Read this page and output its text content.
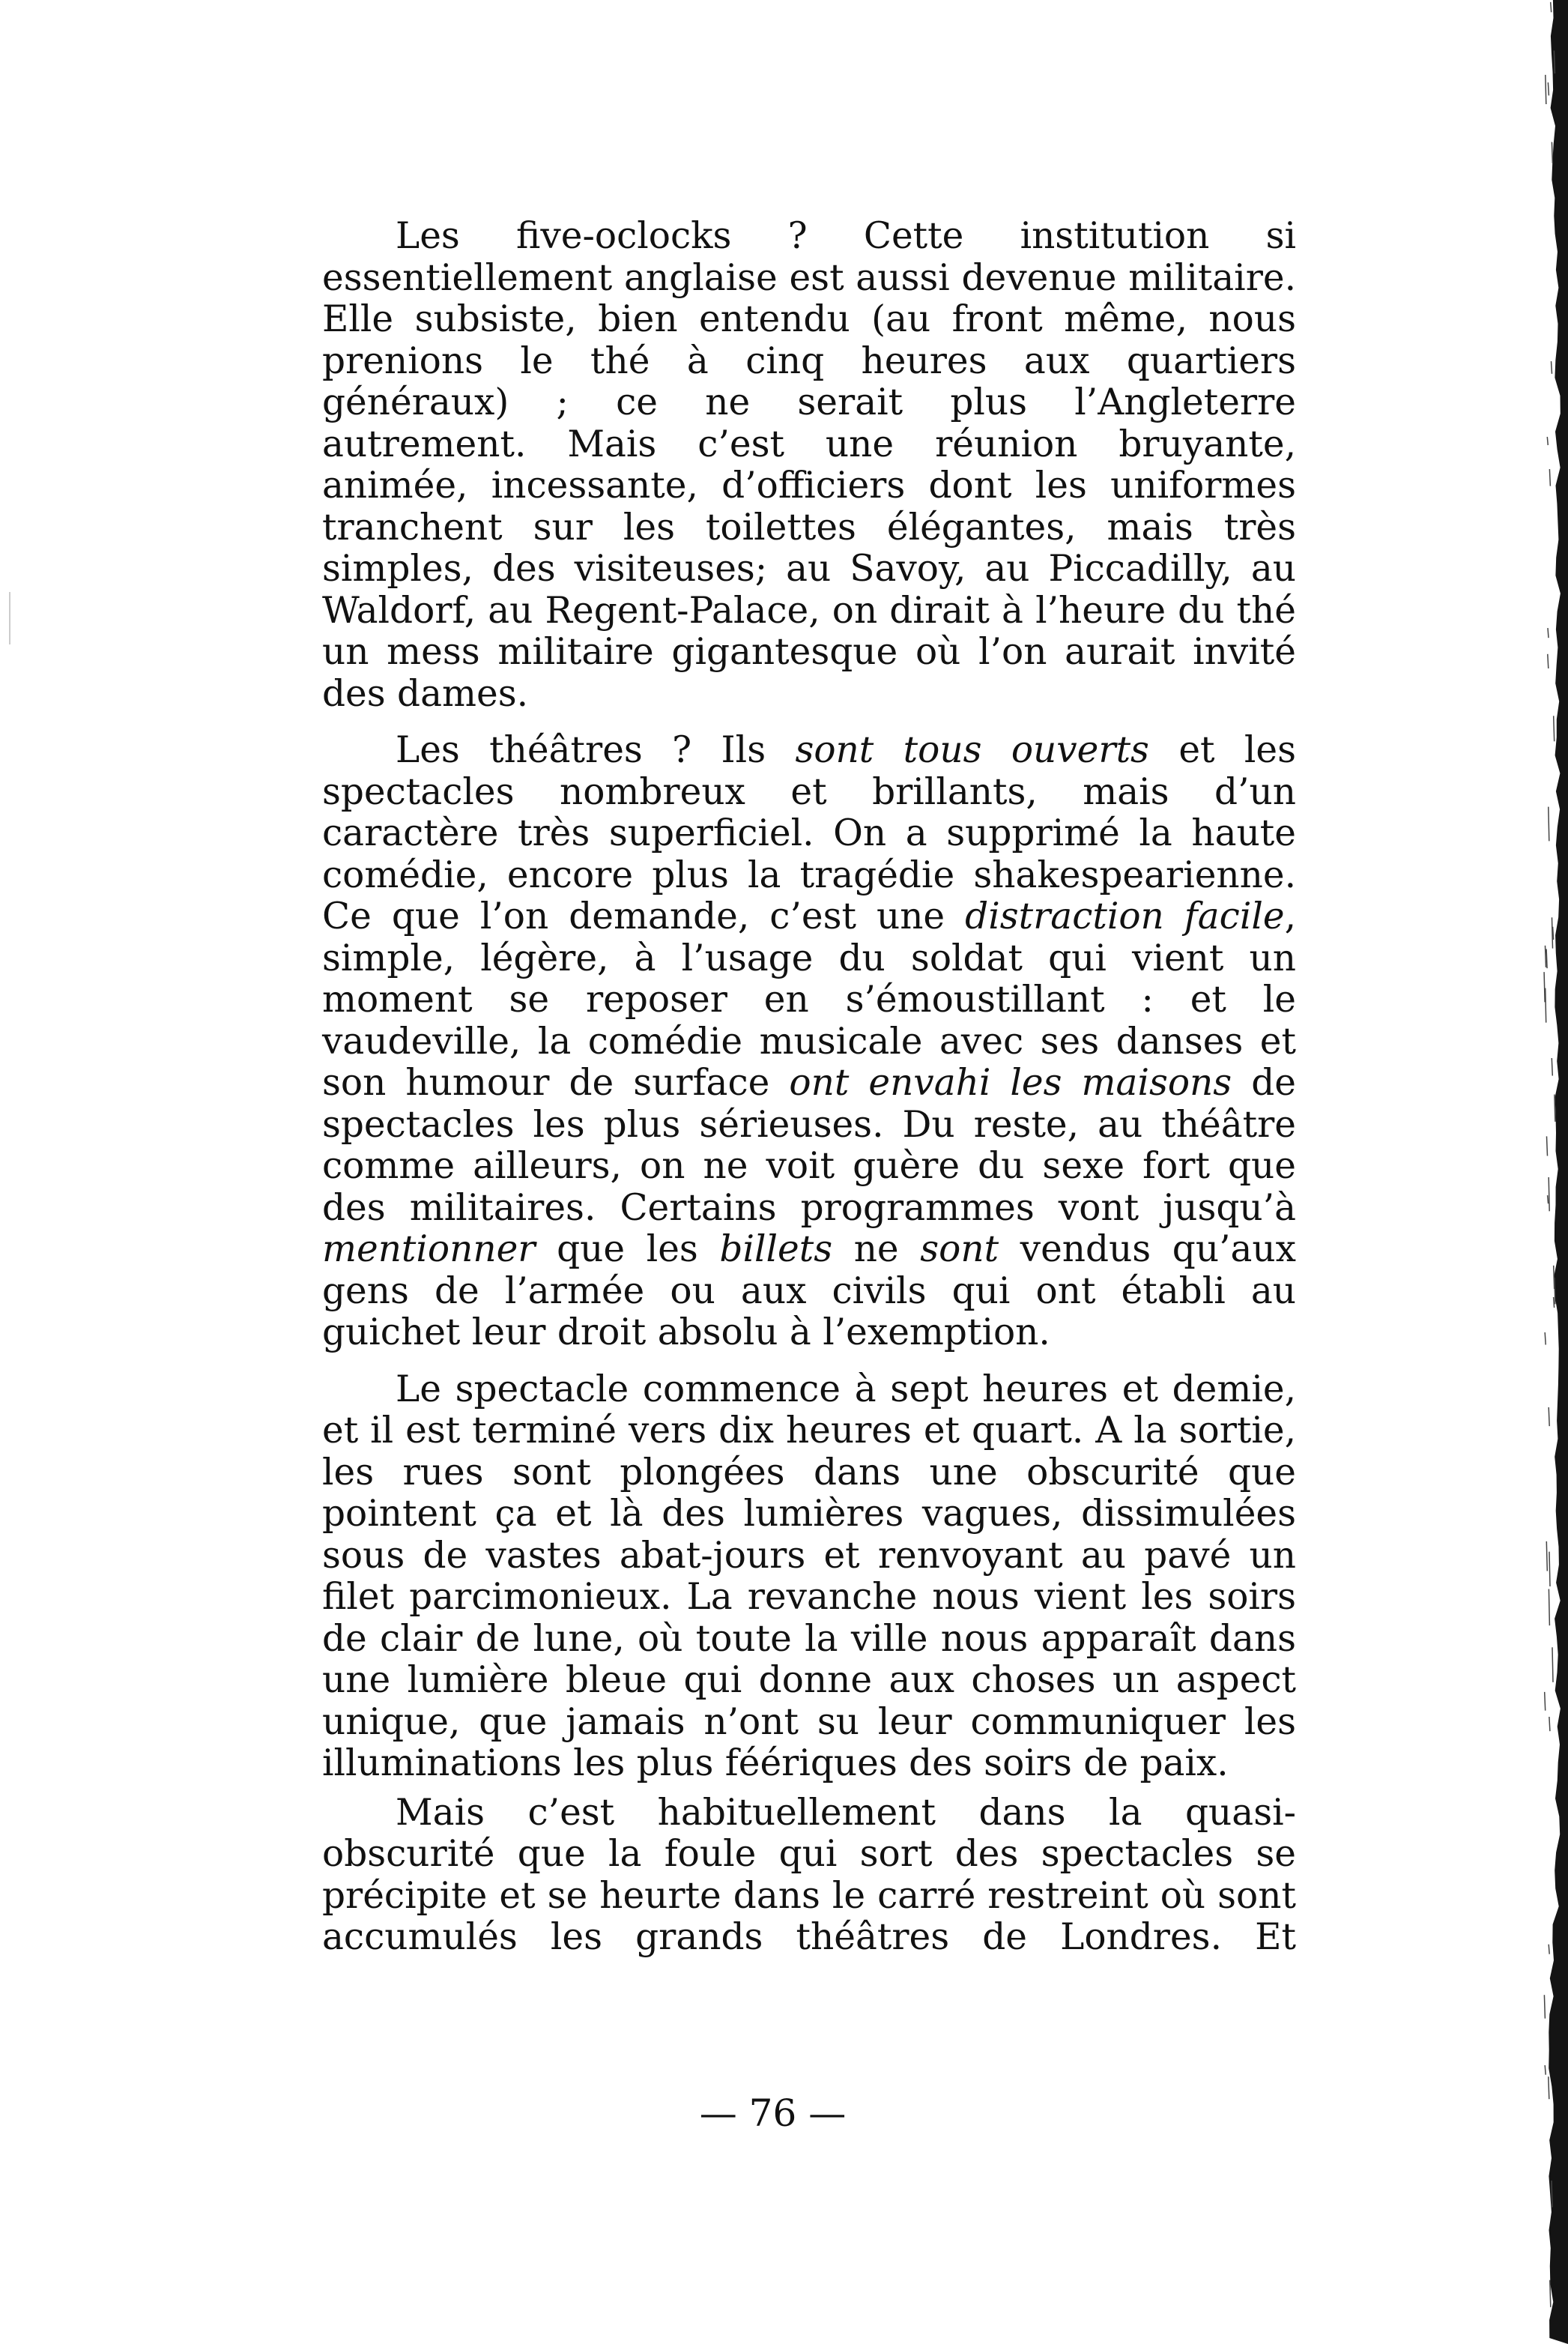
Les five-oclocks ? Cette institution si essentiellement anglaise est aussi devenue militaire. Elle subsiste, bien entendu (au front même, nous prenions le thé à cinq heures aux quartiers généraux) ; ce ne serait plus l’Angleterre autrement. Mais c’est une réunion bruyante, animée, incessante, d’officiers dont les uniformes tranchent sur les toilettes élégantes, mais très simples, des visiteuses; au Savoy, au Piccadilly, au Waldorf, au Regent-Palace, on dirait à l’heure du thé un mess militaire gigantesque où l’on aurait invité des dames.

Les théâtres ? Ils sont tous ouverts et les spectacles nombreux et brillants, mais d’un caractère très superficiel. On a supprimé la haute comédie, encore plus la tragédie shakespearienne. Ce que l’on demande, c’est une distraction facile, simple, légère, à l’usage du soldat qui vient un moment se reposer en s’émoustillant : et le vaudeville, la comédie musicale avec ses danses et son humour de surface ont envahi les maisons de spectacles les plus sérieuses. Du reste, au théâtre comme ailleurs, on ne voit guère du sexe fort que des militaires. Certains programmes vont jusqu’à mentionner que les billets ne sont vendus qu’aux gens de l’armée ou aux civils qui ont établi au guichet leur droit absolu à l’exemption.

Le spectacle commence à sept heures et demie, et il est terminé vers dix heures et quart. A la sortie, les rues sont plongées dans une obscurité que pointent ça et là des lumières vagues, dissimulées sous de vastes abat-jours et renvoyant au pavé un filet parcimonieux. La revanche nous vient les soirs de clair de lune, où toute la ville nous apparaît dans une lumière bleue qui donne aux choses un aspect unique, que jamais n’ont su leur communiquer les illuminations les plus féériques des soirs de paix.

Mais c’est habituellement dans la quasi-obscurité que la foule qui sort des spectacles se précipite et se heurte dans le carré restreint où sont accumulés les grands théâtres de Londres. Et

— 76 —
